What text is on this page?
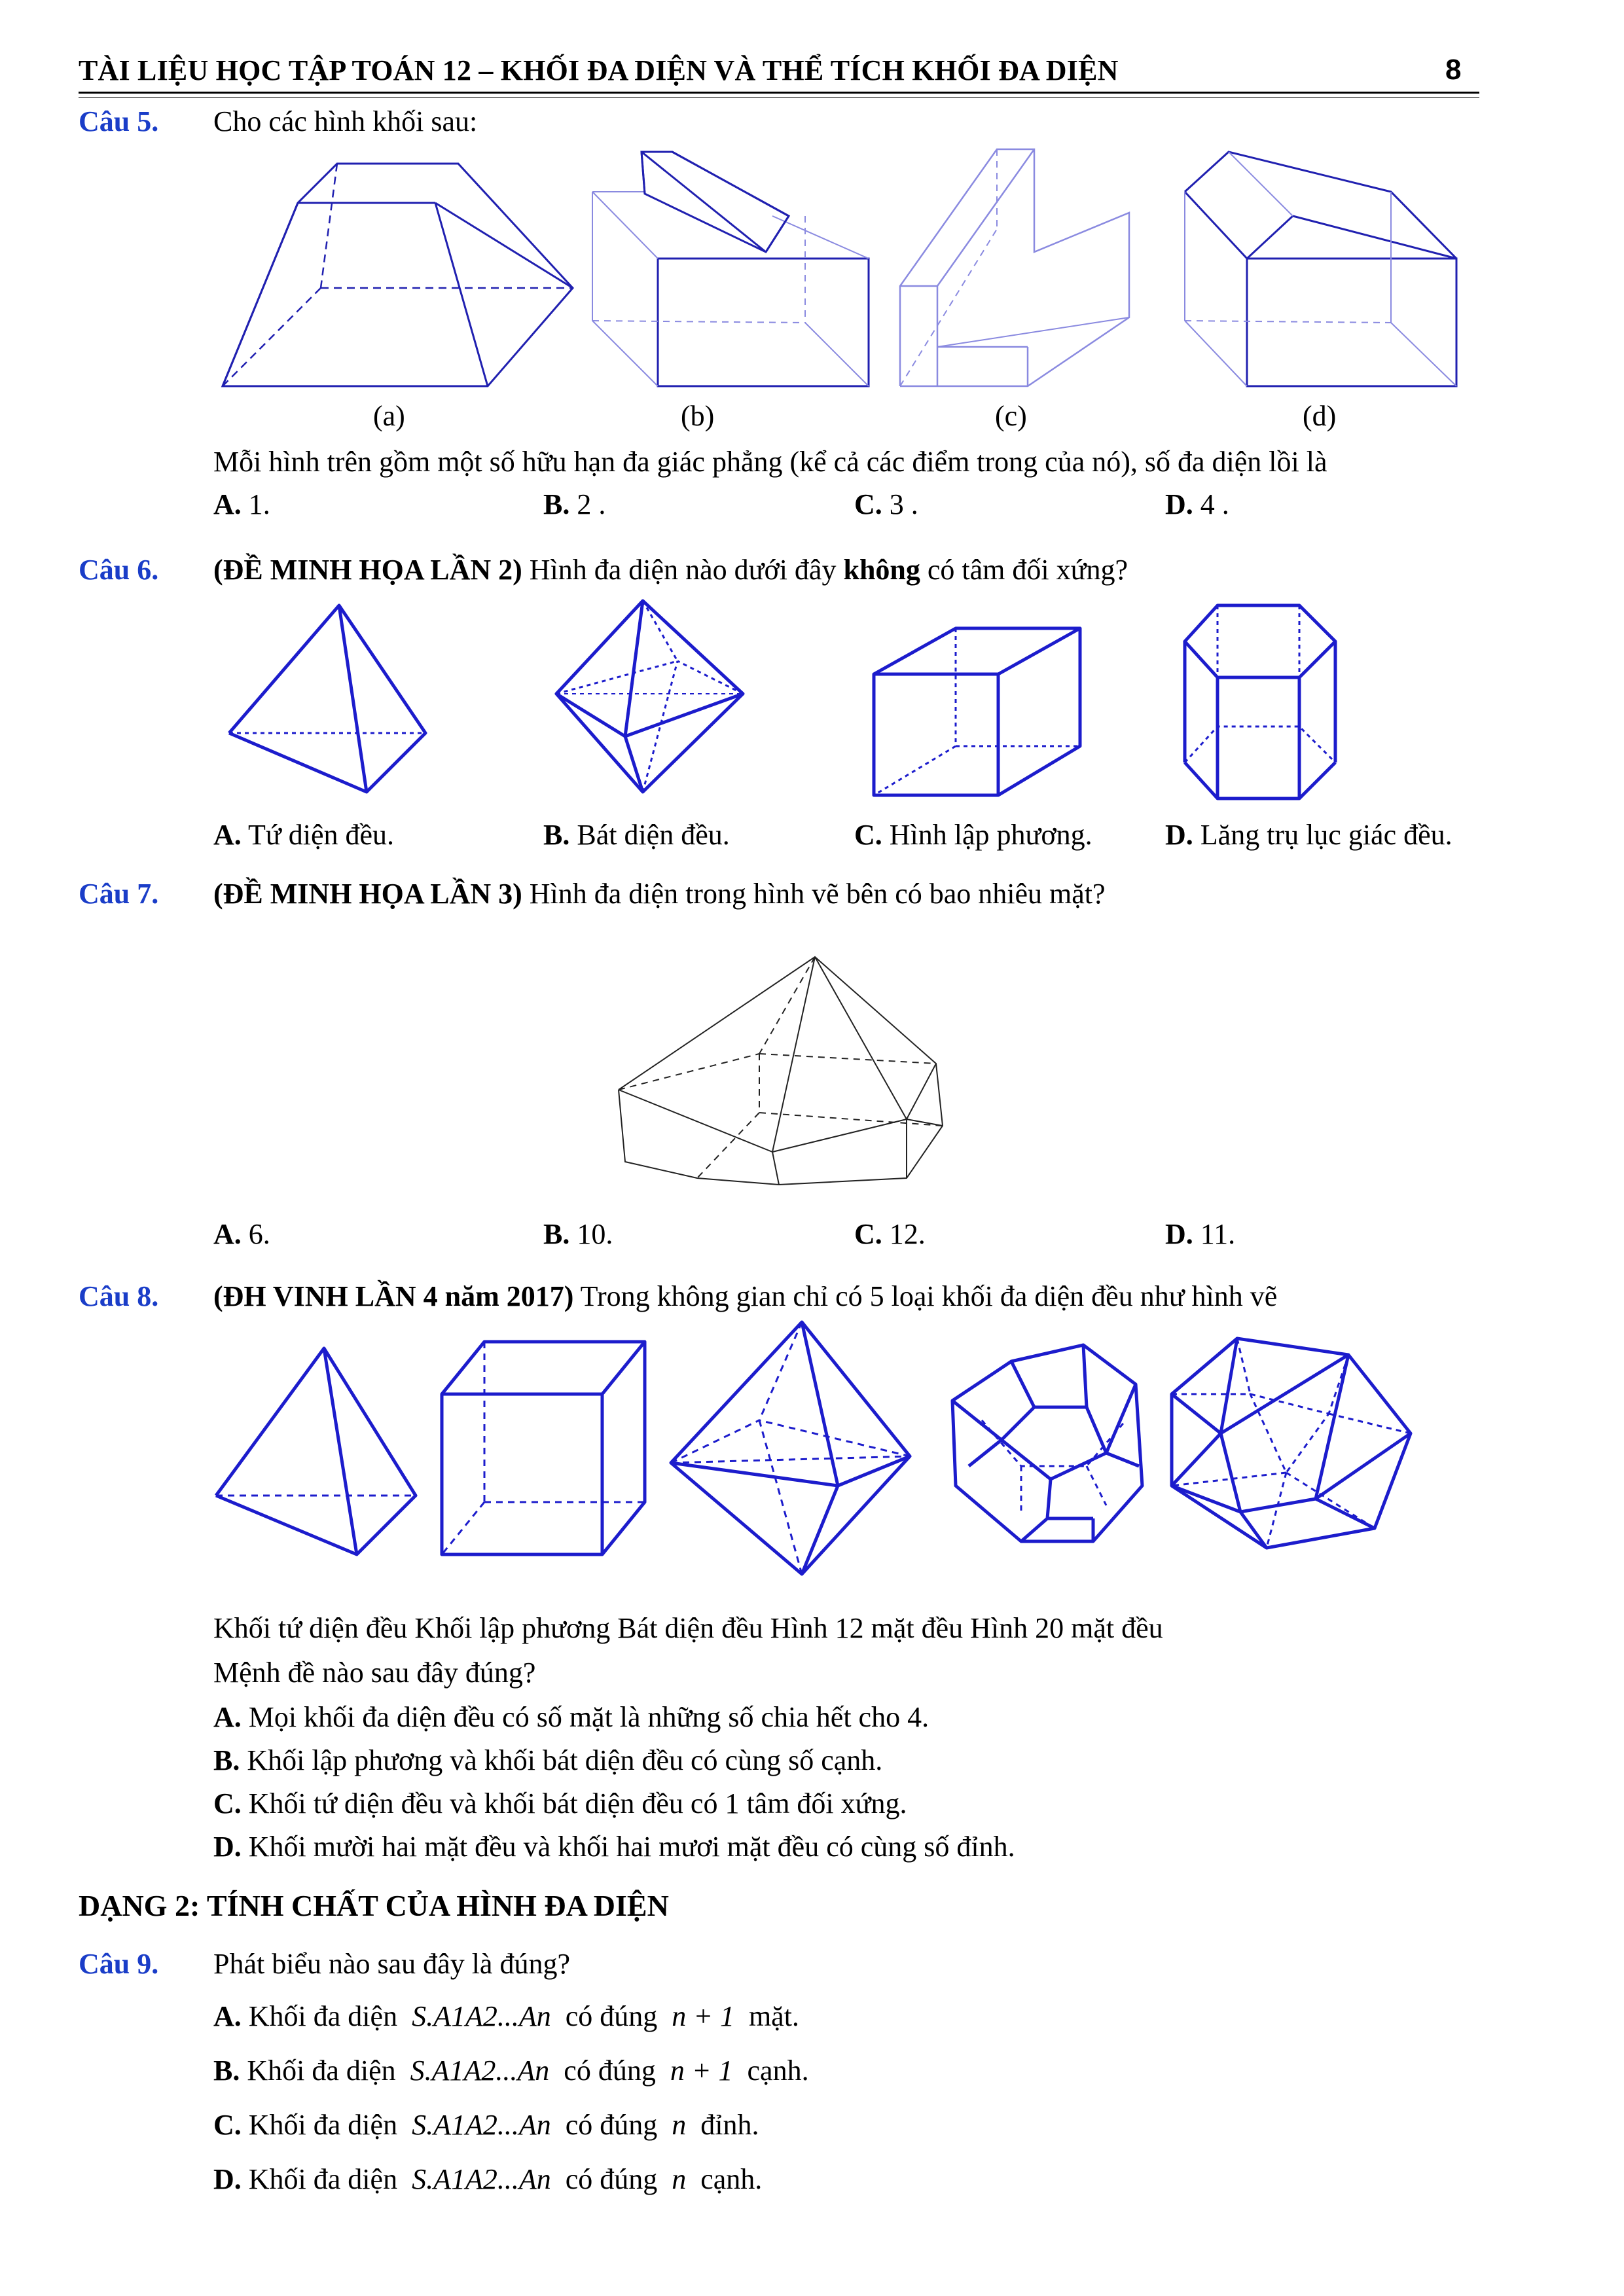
TÀI LIỆU HỌC TẬP TOÁN 12 – KHỐI ĐA DIỆN VÀ THỂ TÍCH KHỐI ĐA DIỆN	8
Câu 5. Cho các hình khối sau:
(a)	(b)	(c)	(d)
Mỗi hình trên gồm một số hữu hạn đa giác phẳng (kể cả các điểm trong của nó), số đa diện lồi là
A. 1.	B. 2 .	C. 3 .	D. 4 .
Câu 6. (ĐỀ MINH HỌA LẦN 2) Hình đa diện nào dưới đây không có tâm đối xứng?
A. Tứ diện đều.	B. Bát diện đều.	C. Hình lập phương.	D. Lăng trụ lục giác đều.
Câu 7. (ĐỀ MINH HỌA LẦN 3) Hình đa diện trong hình vẽ bên có bao nhiêu mặt?
A. 6.	B. 10.	C. 12.	D. 11.
Câu 8. (ĐH VINH LẦN 4 năm 2017) Trong không gian chỉ có 5 loại khối đa diện đều như hình vẽ
Khối tứ diện đều Khối lập phương Bát diện đều Hình 12 mặt đều Hình 20 mặt đều
Mệnh đề nào sau đây đúng?
A. Mọi khối đa diện đều có số mặt là những số chia hết cho 4.
B. Khối lập phương và khối bát diện đều có cùng số cạnh.
C. Khối tứ diện đều và khối bát diện đều có 1 tâm đối xứng.
D. Khối mười hai mặt đều và khối hai mươi mặt đều có cùng số đỉnh.
DẠNG 2: TÍNH CHẤT CỦA HÌNH ĐA DIỆN
Câu 9. Phát biểu nào sau đây là đúng?
A. Khối đa diện S.A1A2...An có đúng n + 1 mặt.
B. Khối đa diện S.A1A2...An có đúng n + 1 cạnh.
C. Khối đa diện S.A1A2...An có đúng n đỉnh.
D. Khối đa diện S.A1A2...An có đúng n cạnh.
